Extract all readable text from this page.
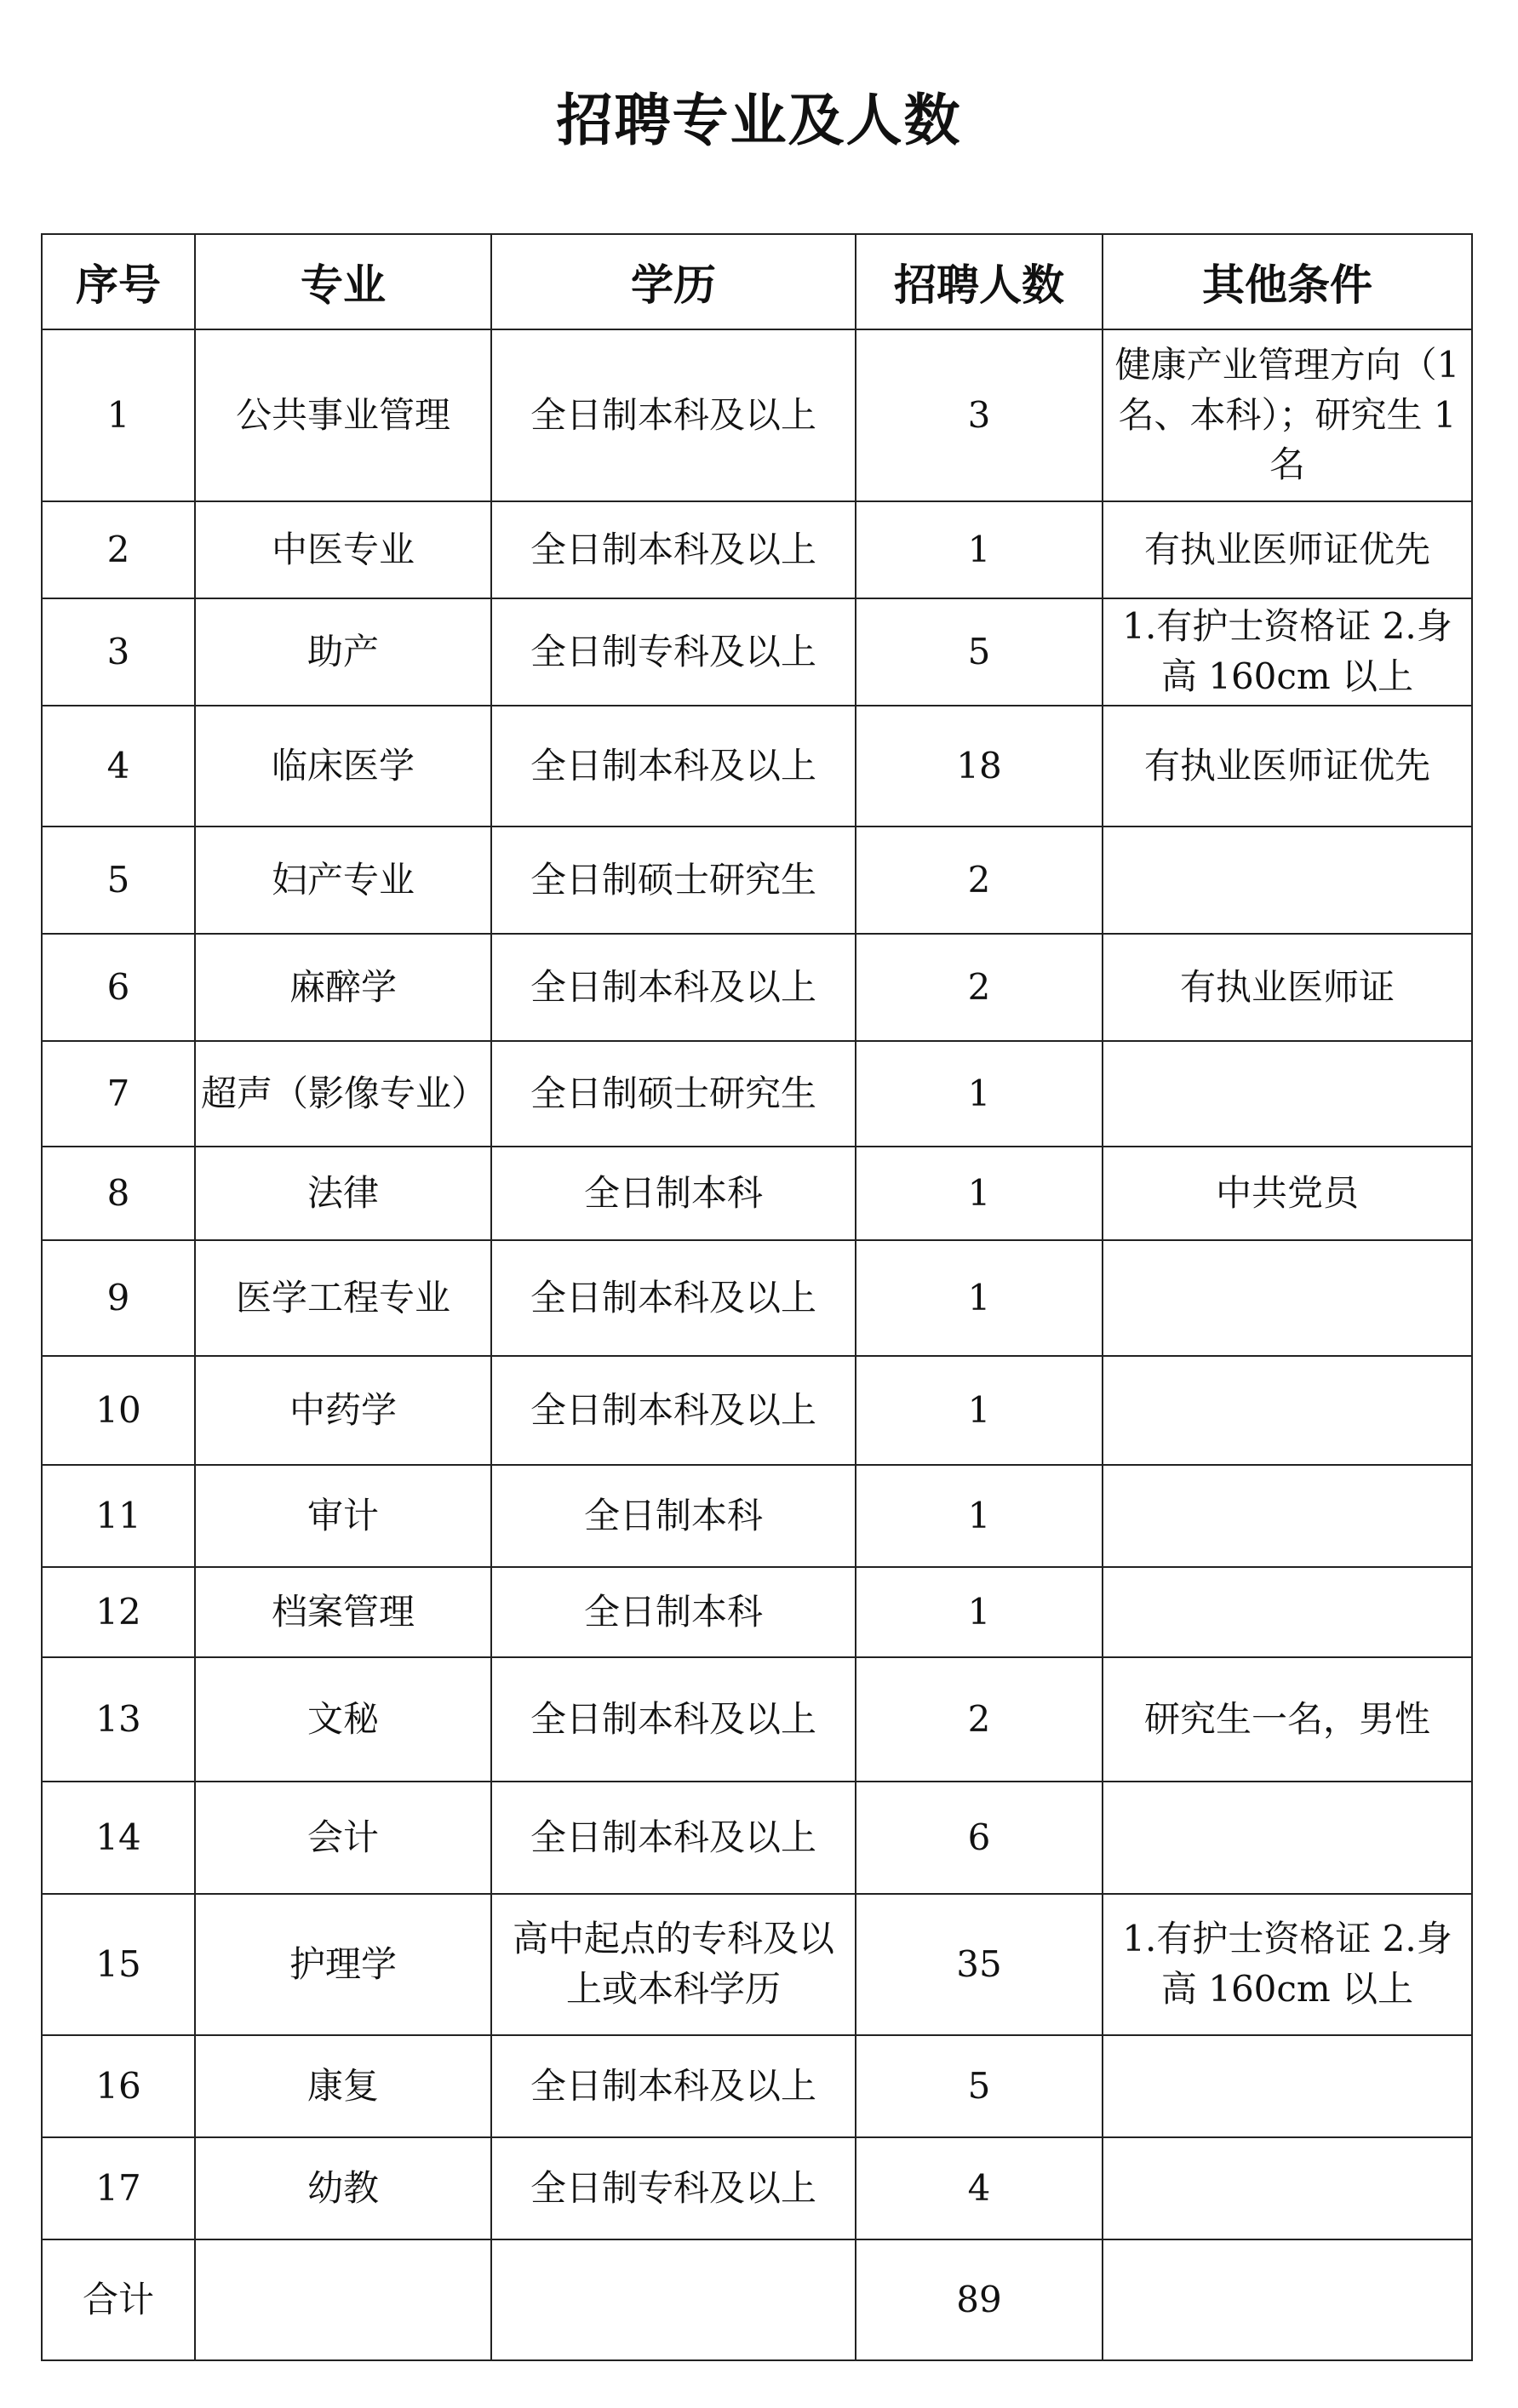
招聘专业及人数
序号	专业	学历	招聘人数	其他条件
1	公共事业管理	全日制本科及以上	3	健康产业管理方向（1 名、本科）；研究生 1 名
2	中医专业	全日制本科及以上	1	有执业医师证优先
3	助产	全日制专科及以上	5	1.有护士资格证 2.身高 160cm 以上
4	临床医学	全日制本科及以上	18	有执业医师证优先
5	妇产专业	全日制硕士研究生	2	
6	麻醉学	全日制本科及以上	2	有执业医师证
7	超声（影像专业）	全日制硕士研究生	1	
8	法律	全日制本科	1	中共党员
9	医学工程专业	全日制本科及以上	1	
10	中药学	全日制本科及以上	1	
11	审计	全日制本科	1	
12	档案管理	全日制本科	1	
13	文秘	全日制本科及以上	2	研究生一名，男性
14	会计	全日制本科及以上	6	
15	护理学	高中起点的专科及以上或本科学历	35	1.有护士资格证 2.身高 160cm 以上
16	康复	全日制本科及以上	5	
17	幼教	全日制专科及以上	4	
合计			89	
